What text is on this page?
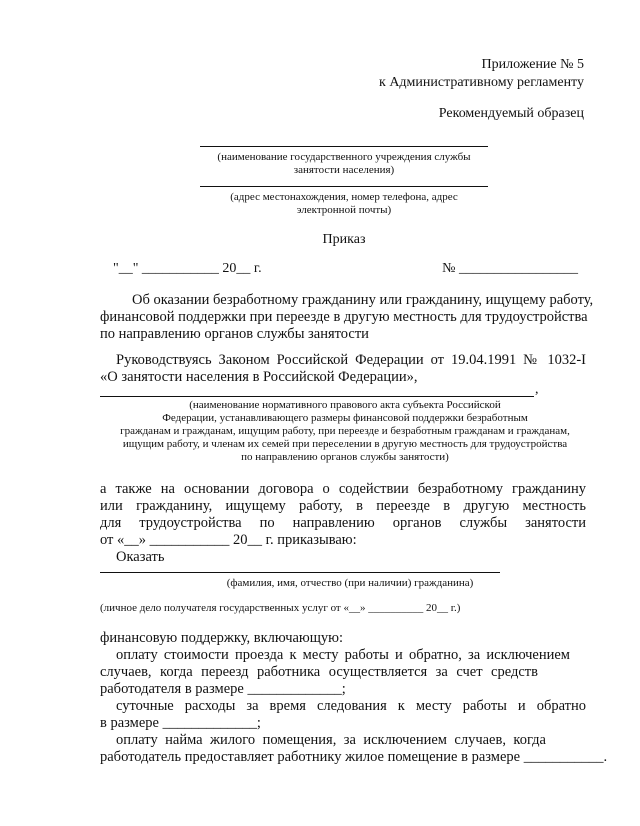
Приложение № 5
к Административному регламенту
Рекомендуемый образец
(наименование государственного учреждения службы
занятости населения)
(адрес местонахождения, номер телефона, адрес
электронной почты)
Приказ
"__" ___________ 20__ г.	№ _________________
Об оказании безработному гражданину или гражданину, ищущему работу,
финансовой поддержки при переезде в другую местность для трудоустройства
по направлению органов службы занятости
Руководствуясь Законом Российской Федерации от 19.04.1991 № 1032-I
«О занятости населения в Российской Федерации»,
,
(наименование нормативного правового акта субъекта Российской
Федерации, устанавливающего размеры финансовой поддержки безработным
гражданам и гражданам, ищущим работу, при переезде и безработным гражданам и гражданам,
ищущим работу, и членам их семей при переселении в другую местность для трудоустройства
по направлению органов службы занятости)
а также на основании договора о содействии безработному гражданину
или гражданину, ищущему работу, в переезде в другую местность
для трудоустройства по направлению органов службы занятости
от «__» ___________ 20__ г. приказываю:
Оказать
(фамилия, имя, отчество (при наличии) гражданина)
(личное дело получателя государственных услуг от «__» __________ 20__ г.)
финансовую поддержку, включающую:
оплату стоимости проезда к месту работы и обратно, за исключением
случаев, когда переезд работника осуществляется за счет средств
работодателя в размере _____________;
суточные расходы за время следования к месту работы и обратно
в размере _____________;
оплату найма жилого помещения, за исключением случаев, когда
работодатель предоставляет работнику жилое помещение в размере ___________.
